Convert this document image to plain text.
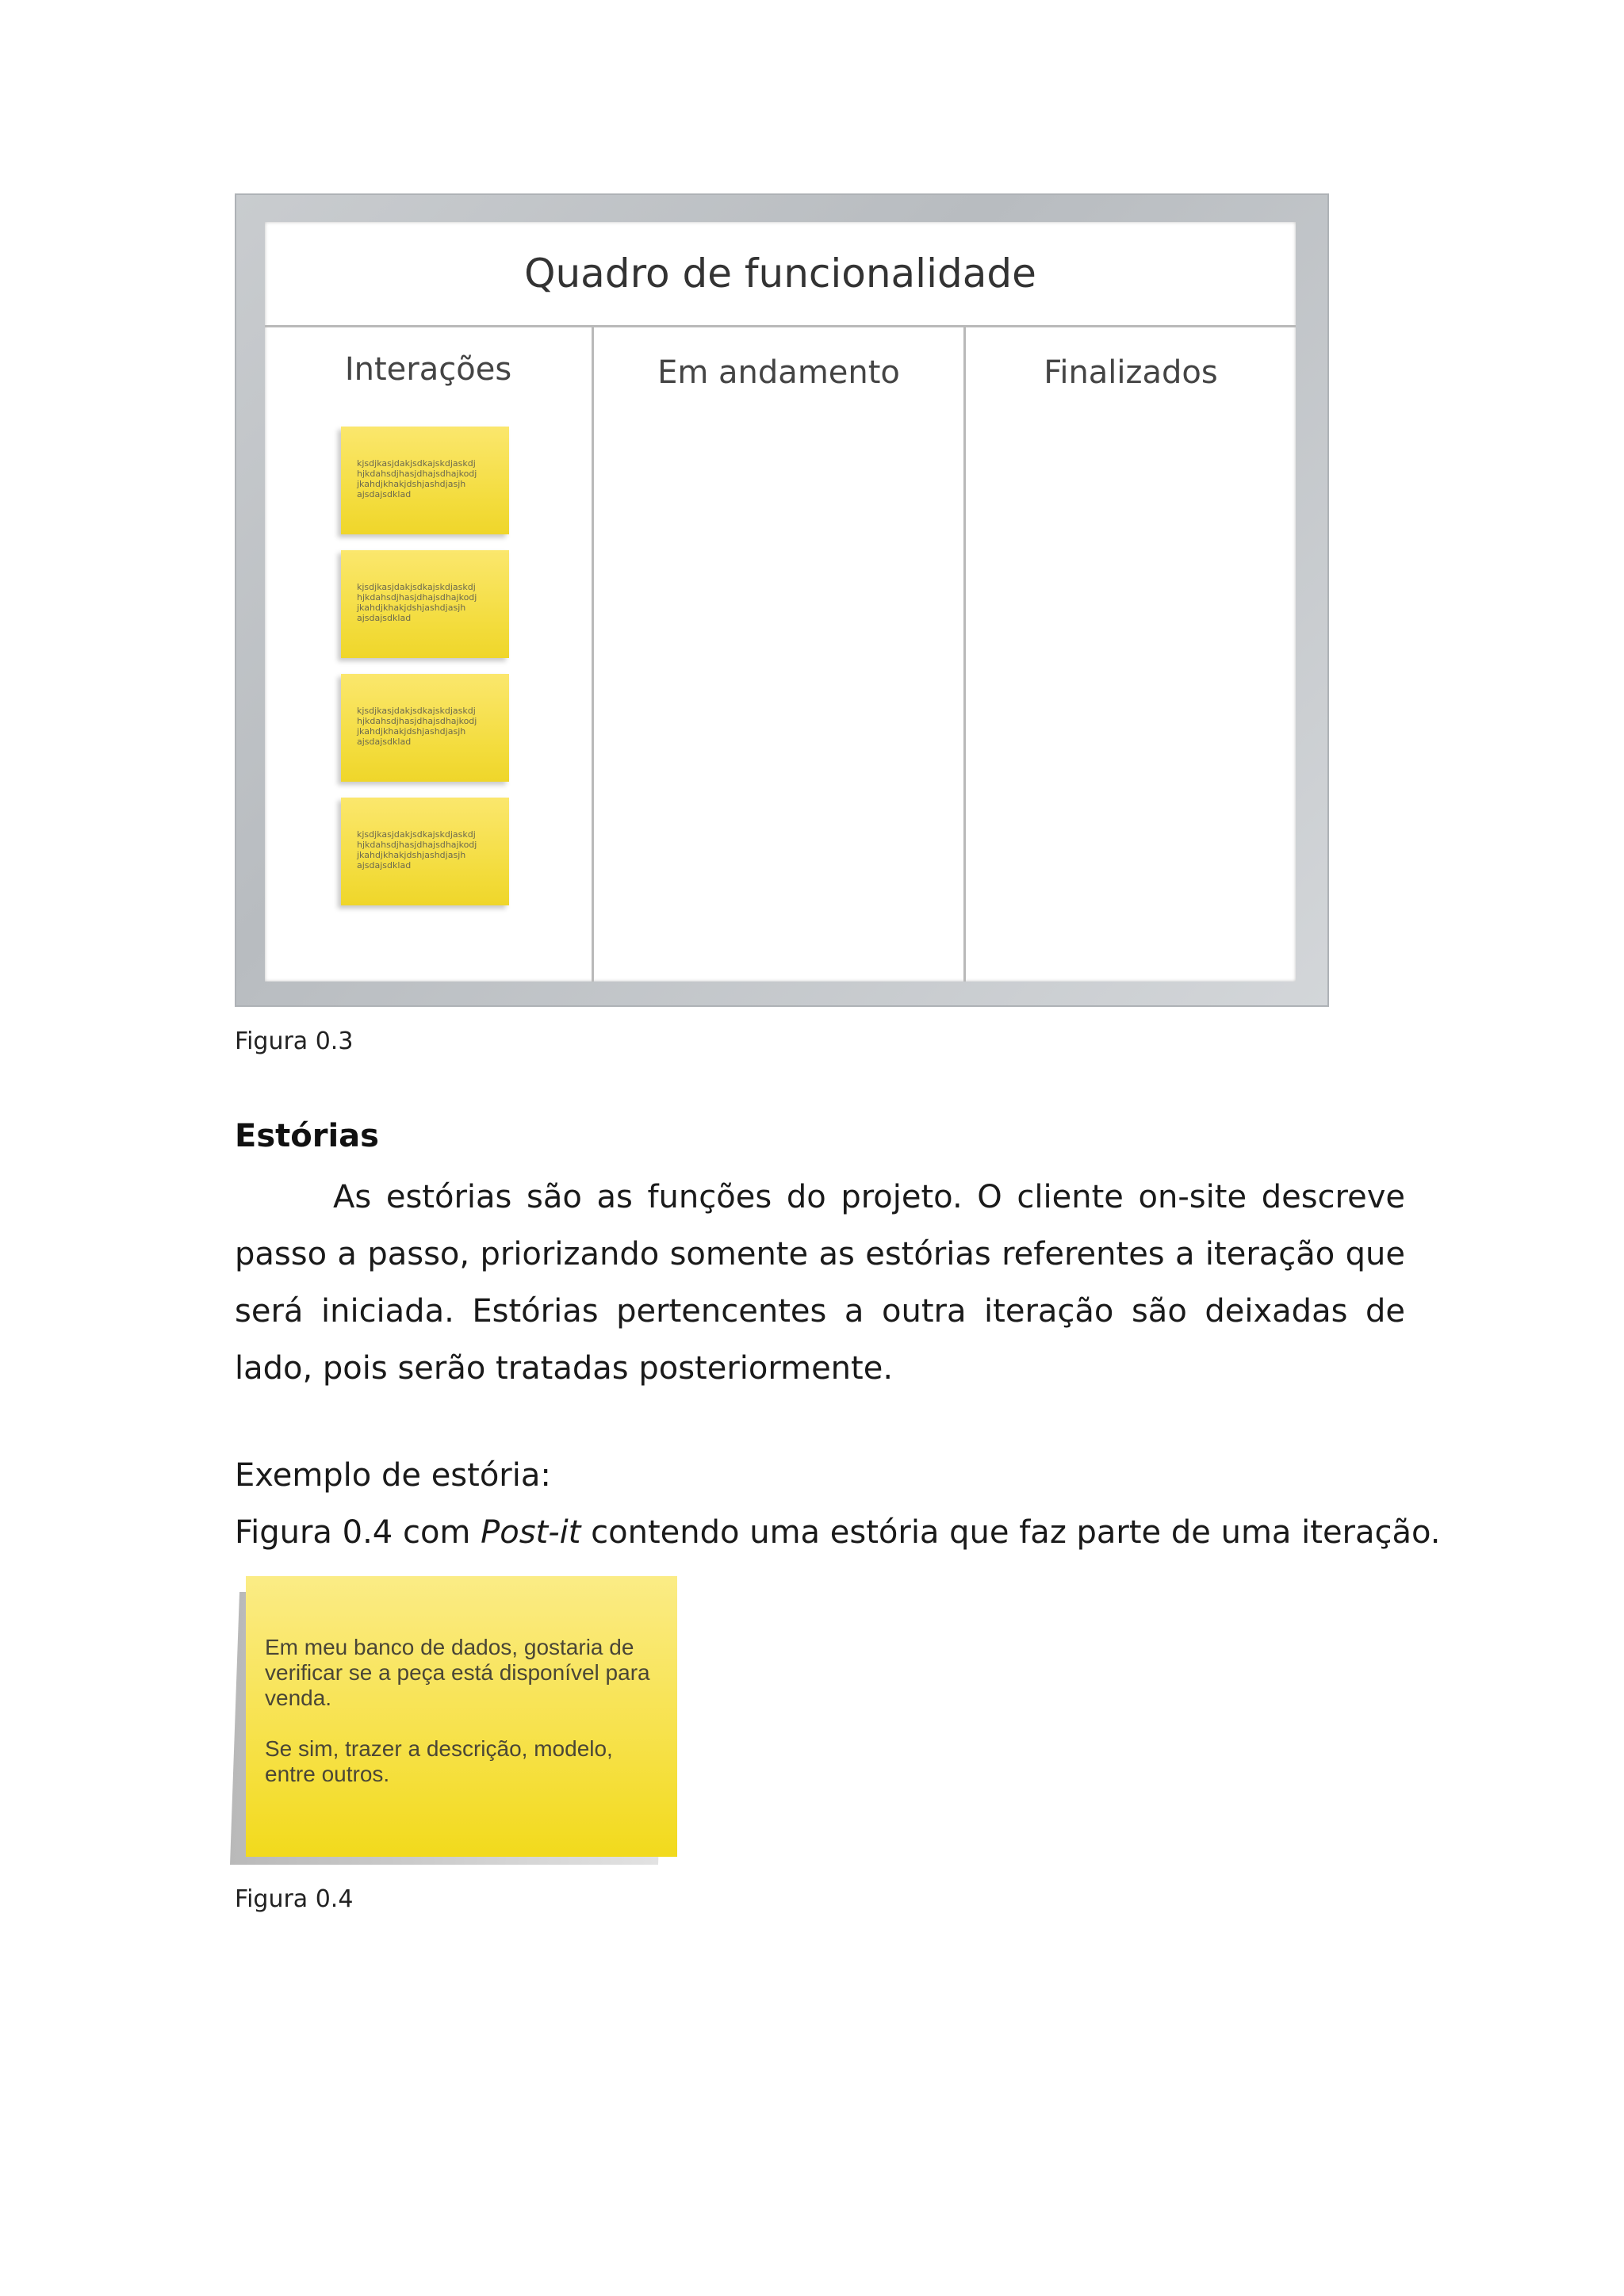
Quadro de funcionalidade
Interações
kjsdjkasjdakjsdkajskdjaskdj
hjkdahsdjhasjdhajsdhajkodj
jkahdjkhakjdshjashdjasjh
ajsdajsdklad
kjsdjkasjdakjsdkajskdjaskdj
hjkdahsdjhasjdhajsdhajkodj
jkahdjkhakjdshjashdjasjh
ajsdajsdklad
kjsdjkasjdakjsdkajskdjaskdj
hjkdahsdjhasjdhajsdhajkodj
jkahdjkhakjdshjashdjasjh
ajsdajsdklad
kjsdjkasjdakjsdkajskdjaskdj
hjkdahsdjhasjdhajsdhajkodj
jkahdjkhakjdshjashdjasjh
ajsdajsdklad
Em andamento	Finalizados
Figura 0.3
Estórias
As estórias são as funções do projeto. O cliente on-site descreve passo a passo, priorizando somente as estórias referentes a iteração que será iniciada. Estórias pertencentes a outra iteração são deixadas de lado, pois serão tratadas posteriormente.
Exemplo de estória:
Figura 0.4 com Post-it contendo uma estória que faz parte de uma iteração.

Em meu banco de dados, gostaria de verificar se a peça está disponível para venda.

Se sim, trazer a descrição, modelo, entre outros.

Figura 0.4
